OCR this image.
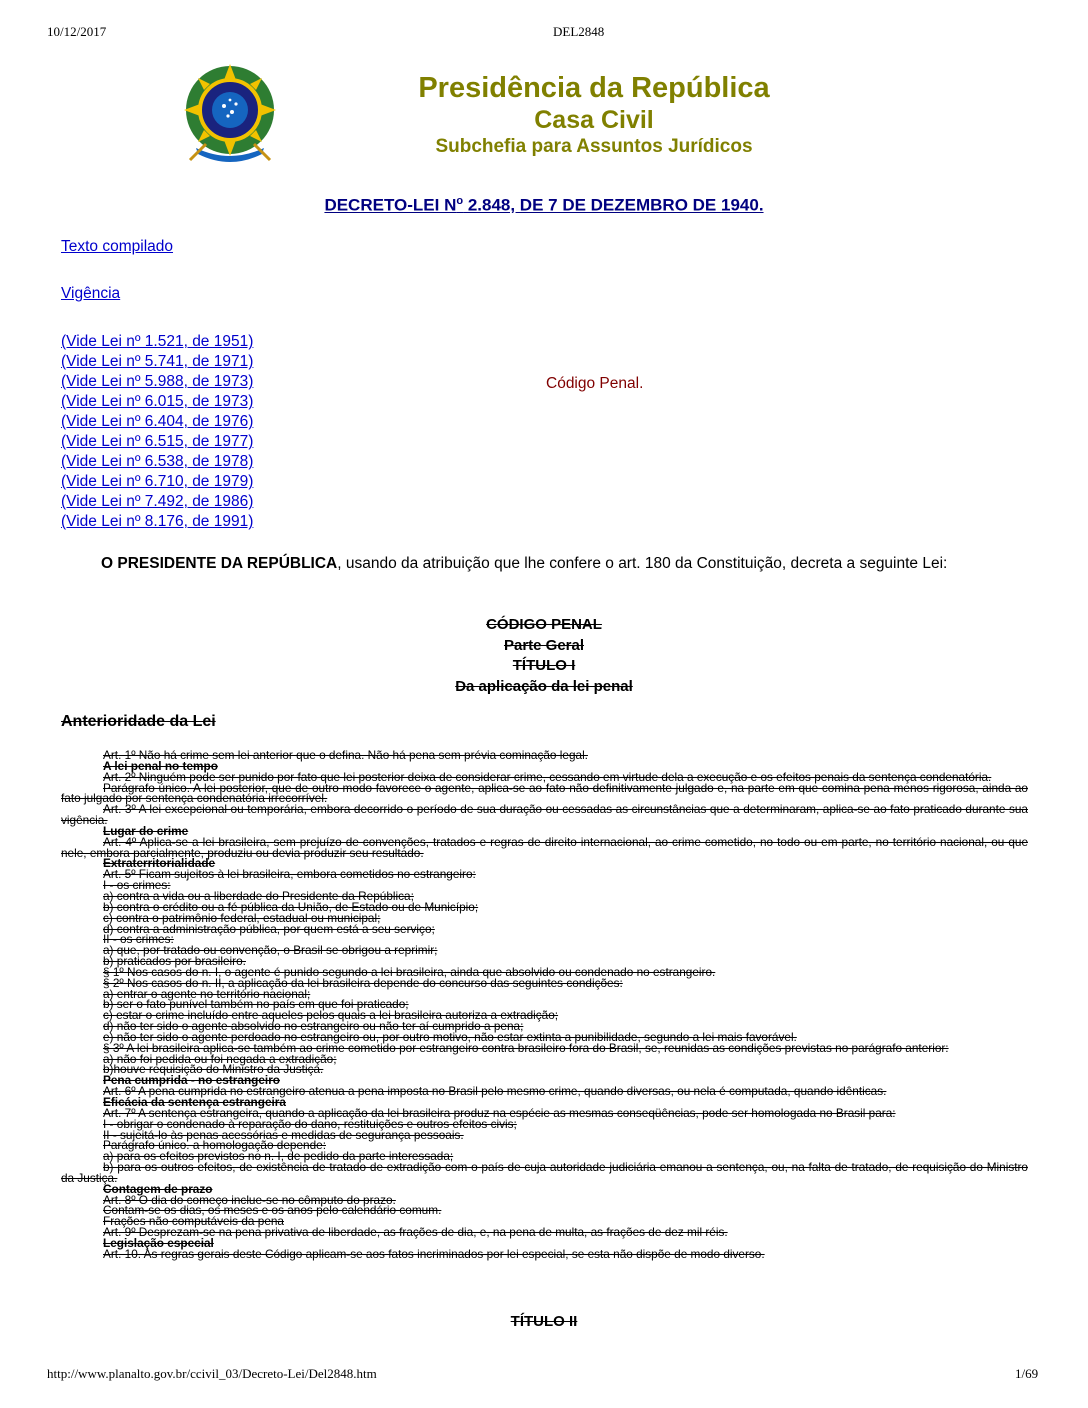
10/12/2017	DEL2848
Presidência da República
Casa Civil
Subchefia para Assuntos Jurídicos
DECRETO-LEI $N^o$ 2.848, DE 7 DE DEZEMBRO DE 1940.
Texto compilado
Vigência
(Vide Lei nº 1.521, de 1951)
(Vide Lei nº 5.741, de 1971)
(Vide Lei nº 5.988, de 1973)
(Vide Lei nº 6.015, de 1973)
(Vide Lei nº 6.404, de 1976)
(Vide Lei nº 6.515, de 1977)
(Vide Lei nº 6.538, de 1978)
(Vide Lei nº 6.710, de 1979)
(Vide Lei nº 7.492, de 1986)
(Vide Lei nº 8.176, de 1991)
Código Penal.
O PRESIDENTE DA REPÚBLICA, usando da atribuição que lhe confere o art. 180 da Constituição, decreta a seguinte Lei:
CÓDIGO PENAL
Parte Geral
TÍTULO I
Da aplicação da lei penal
Anterioridade da Lei
Art. 1º Não há crime sem lei anterior que o defina. Não há pena sem prévia cominação legal.
A lei penal no tempo
Art. 2º Ninguém pode ser punido por fato que lei posterior deixa de considerar crime, cessando em virtude dela a execução e os efeitos penais da sentença condenatória.
Parágrafo único. A lei posterior, que de outro modo favorece o agente, aplica-se ao fato não definitivamente julgado e, na parte em que comina pena menos rigorosa, ainda ao fato julgado por sentença condenatória irrecorrível.
Art. 3º A lei excepcional ou temporária, embora decorrido o período de sua duração ou cessadas as circunstâncias que a determinaram, aplica-se ao fato praticado durante sua vigência.
Lugar do crime
Art. 4º Aplica-se a lei brasileira, sem prejuízo de convenções, tratados e regras de direito internacional, ao crime cometido, no todo ou em parte, no território nacional, ou que nele, embora parcialmente, produziu ou devia produzir seu resultado.
Extraterritorialidade
Art. 5º Ficam sujeitos à lei brasileira, embora cometidos no estrangeiro:
I - os crimes:
a) contra a vida ou a liberdade do Presidente da República;
b) contra o crédito ou a fé pública da União, de Estado ou de Município;
c) contra o patrimônio federal, estadual ou municipal;
d) contra a administração pública, por quem está a seu serviço;
II - os crimes:
a) que, por tratado ou convenção, o Brasil se obrigou a reprimir;
b) praticados por brasileiro.
§ 1º Nos casos do n. I, o agente é punido segundo a lei brasileira, ainda que absolvido ou condenado no estrangeiro.
§ 2º Nos casos do n. II, a aplicação da lei brasileira depende do concurso das seguintes condições:
a) entrar o agente no território nacional;
b) ser o fato punível também no país em que foi praticado;
c) estar o crime incluído entre aqueles pelos quais a lei brasileira autoriza a extradição;
d) não ter sido o agente absolvido no estrangeiro ou não ter aí cumprido a pena;
e) não ter sido o agente perdoado no estrangeiro ou, por outro motivo, não estar extinta a punibilidade, segundo a lei mais favorável.
§ 3º A lei brasileira aplica-se também ao crime cometido por estrangeiro contra brasileiro fora do Brasil, se, reunidas as condições previstas no parágrafo anterior:
a) não foi pedida ou foi negada a extradição;
b)houve requisição do Ministro da Justiça.
Pena cumprida - no estrangeiro
Art. 6º A pena cumprida no estrangeiro atenua a pena imposta no Brasil pelo mesmo crime, quando diversas, ou nela é computada, quando idênticas.
Eficácia da sentença estrangeira
Art. 7º A sentença estrangeira, quando a aplicação da lei brasileira produz na espécie as mesmas conseqüências, pode ser homologada no Brasil para:
I - obrigar o condenado à reparação do dano, restituições e outros efeitos civis;
II - sujeitá-lo às penas acessórias e medidas de segurança pessoais.
Parágrafo único. a homologação depende:
a) para os efeitos previstos no n. I, de pedido da parte interessada;
b) para os outros efeitos, de existência de tratado de extradição com o país de cuja autoridade judiciária emanou a sentença, ou, na falta de tratado, de requisição do Ministro da Justiça.
Contagem de prazo
Art. 8º O dia do começo inclue-se no cômputo do prazo.
Contam-se os dias, os meses e os anos pelo calendário comum.
Frações não computáveis da pena
Art. 9º Desprezam-se na pena privativa de liberdade, as frações de dia, e, na pena de multa, as frações de dez mil réis.
Legislação especial
Art. 10. As regras gerais deste Código aplicam-se aos fatos incriminados por lei especial, se esta não dispõe de modo diverso.
TÍTULO II
http://www.planalto.gov.br/ccivil_03/Decreto-Lei/Del2848.htm	1/69
